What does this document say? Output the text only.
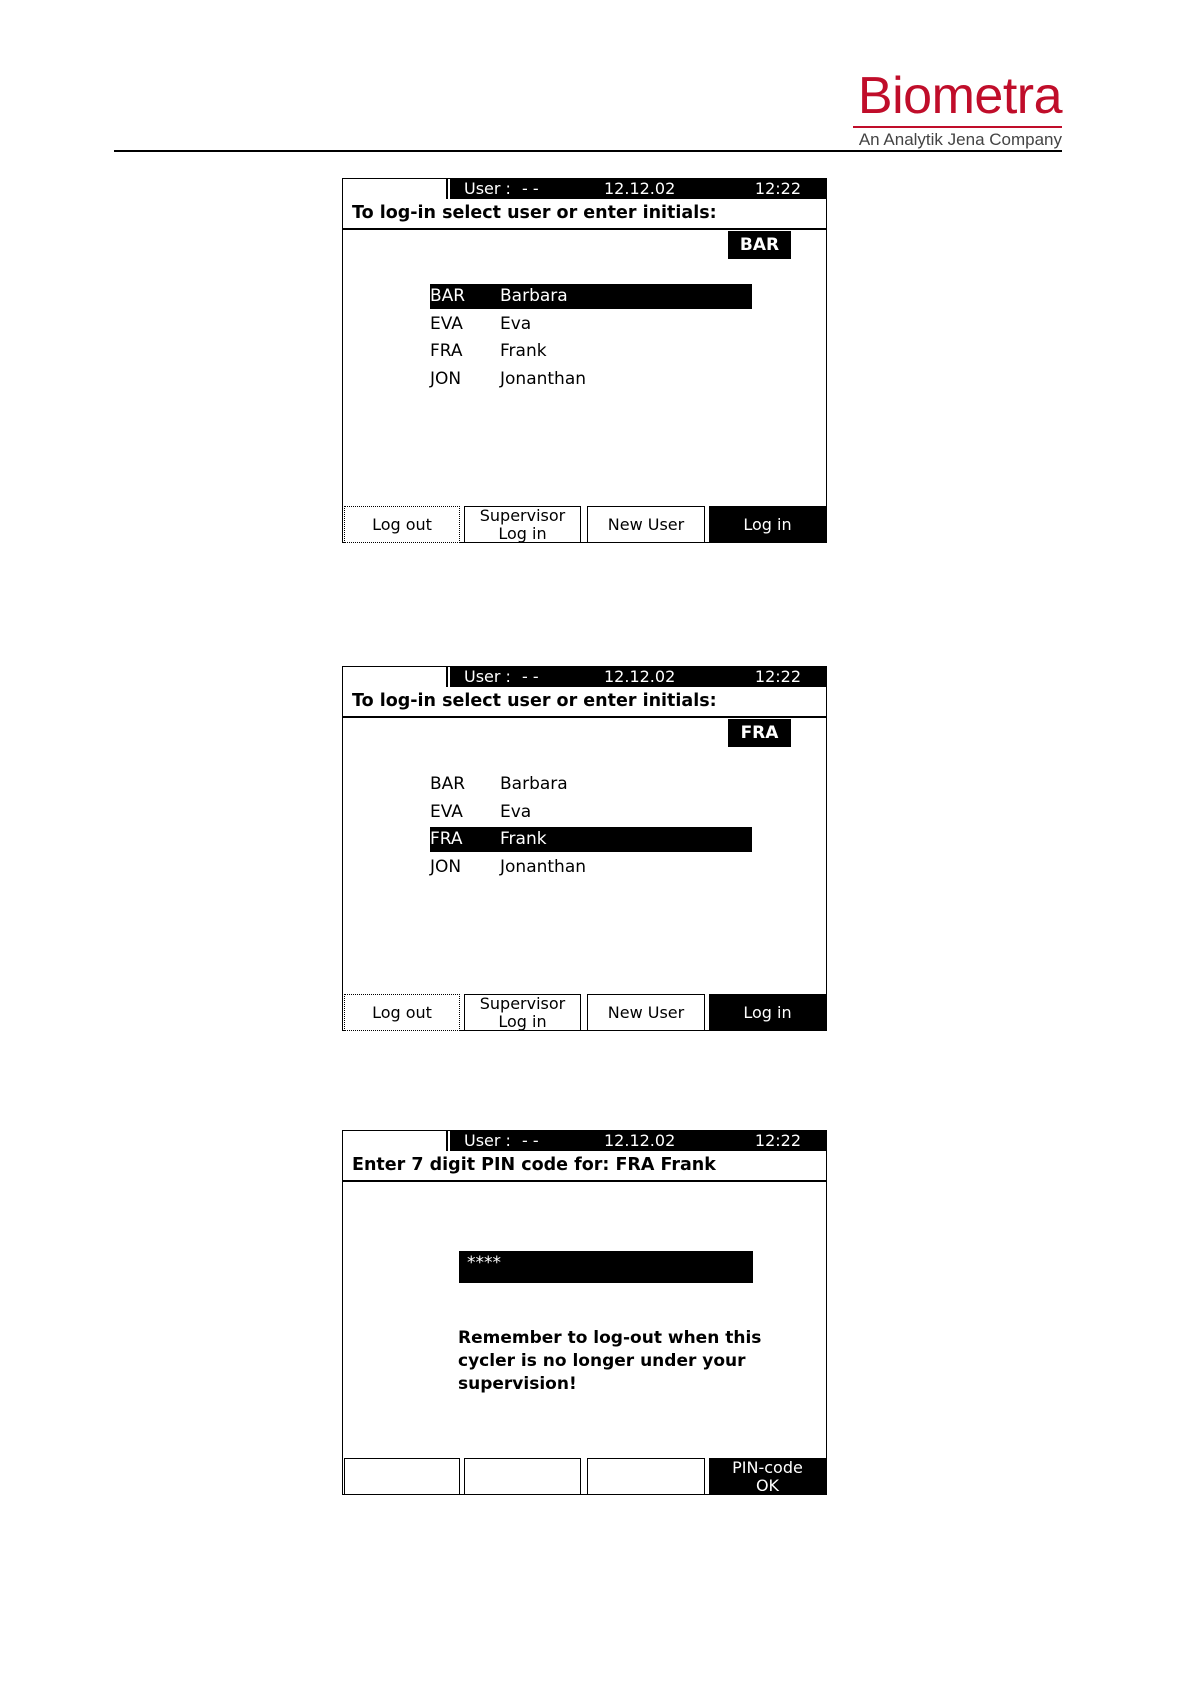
Biometra
An Analytik Jena Company
User : - -	12.12.02	12:22
To log-in select user or enter initials:
BAR
BAR Barbara
EVA Eva
FRA Frank
JON Jonanthan
Log out	Supervisor
Log in	New User	Log in
User : - -	12.12.02	12:22
To log-in select user or enter initials:
FRA
BAR Barbara
EVA Eva
FRA Frank
JON Jonanthan
Log out	Supervisor
Log in	New User	Log in
User : - -	12.12.02	12:22
Enter 7 digit PIN code for: FRA Frank
****
Remember to log-out when this
cycler is no longer under your
supervision!
PIN-code
OK
